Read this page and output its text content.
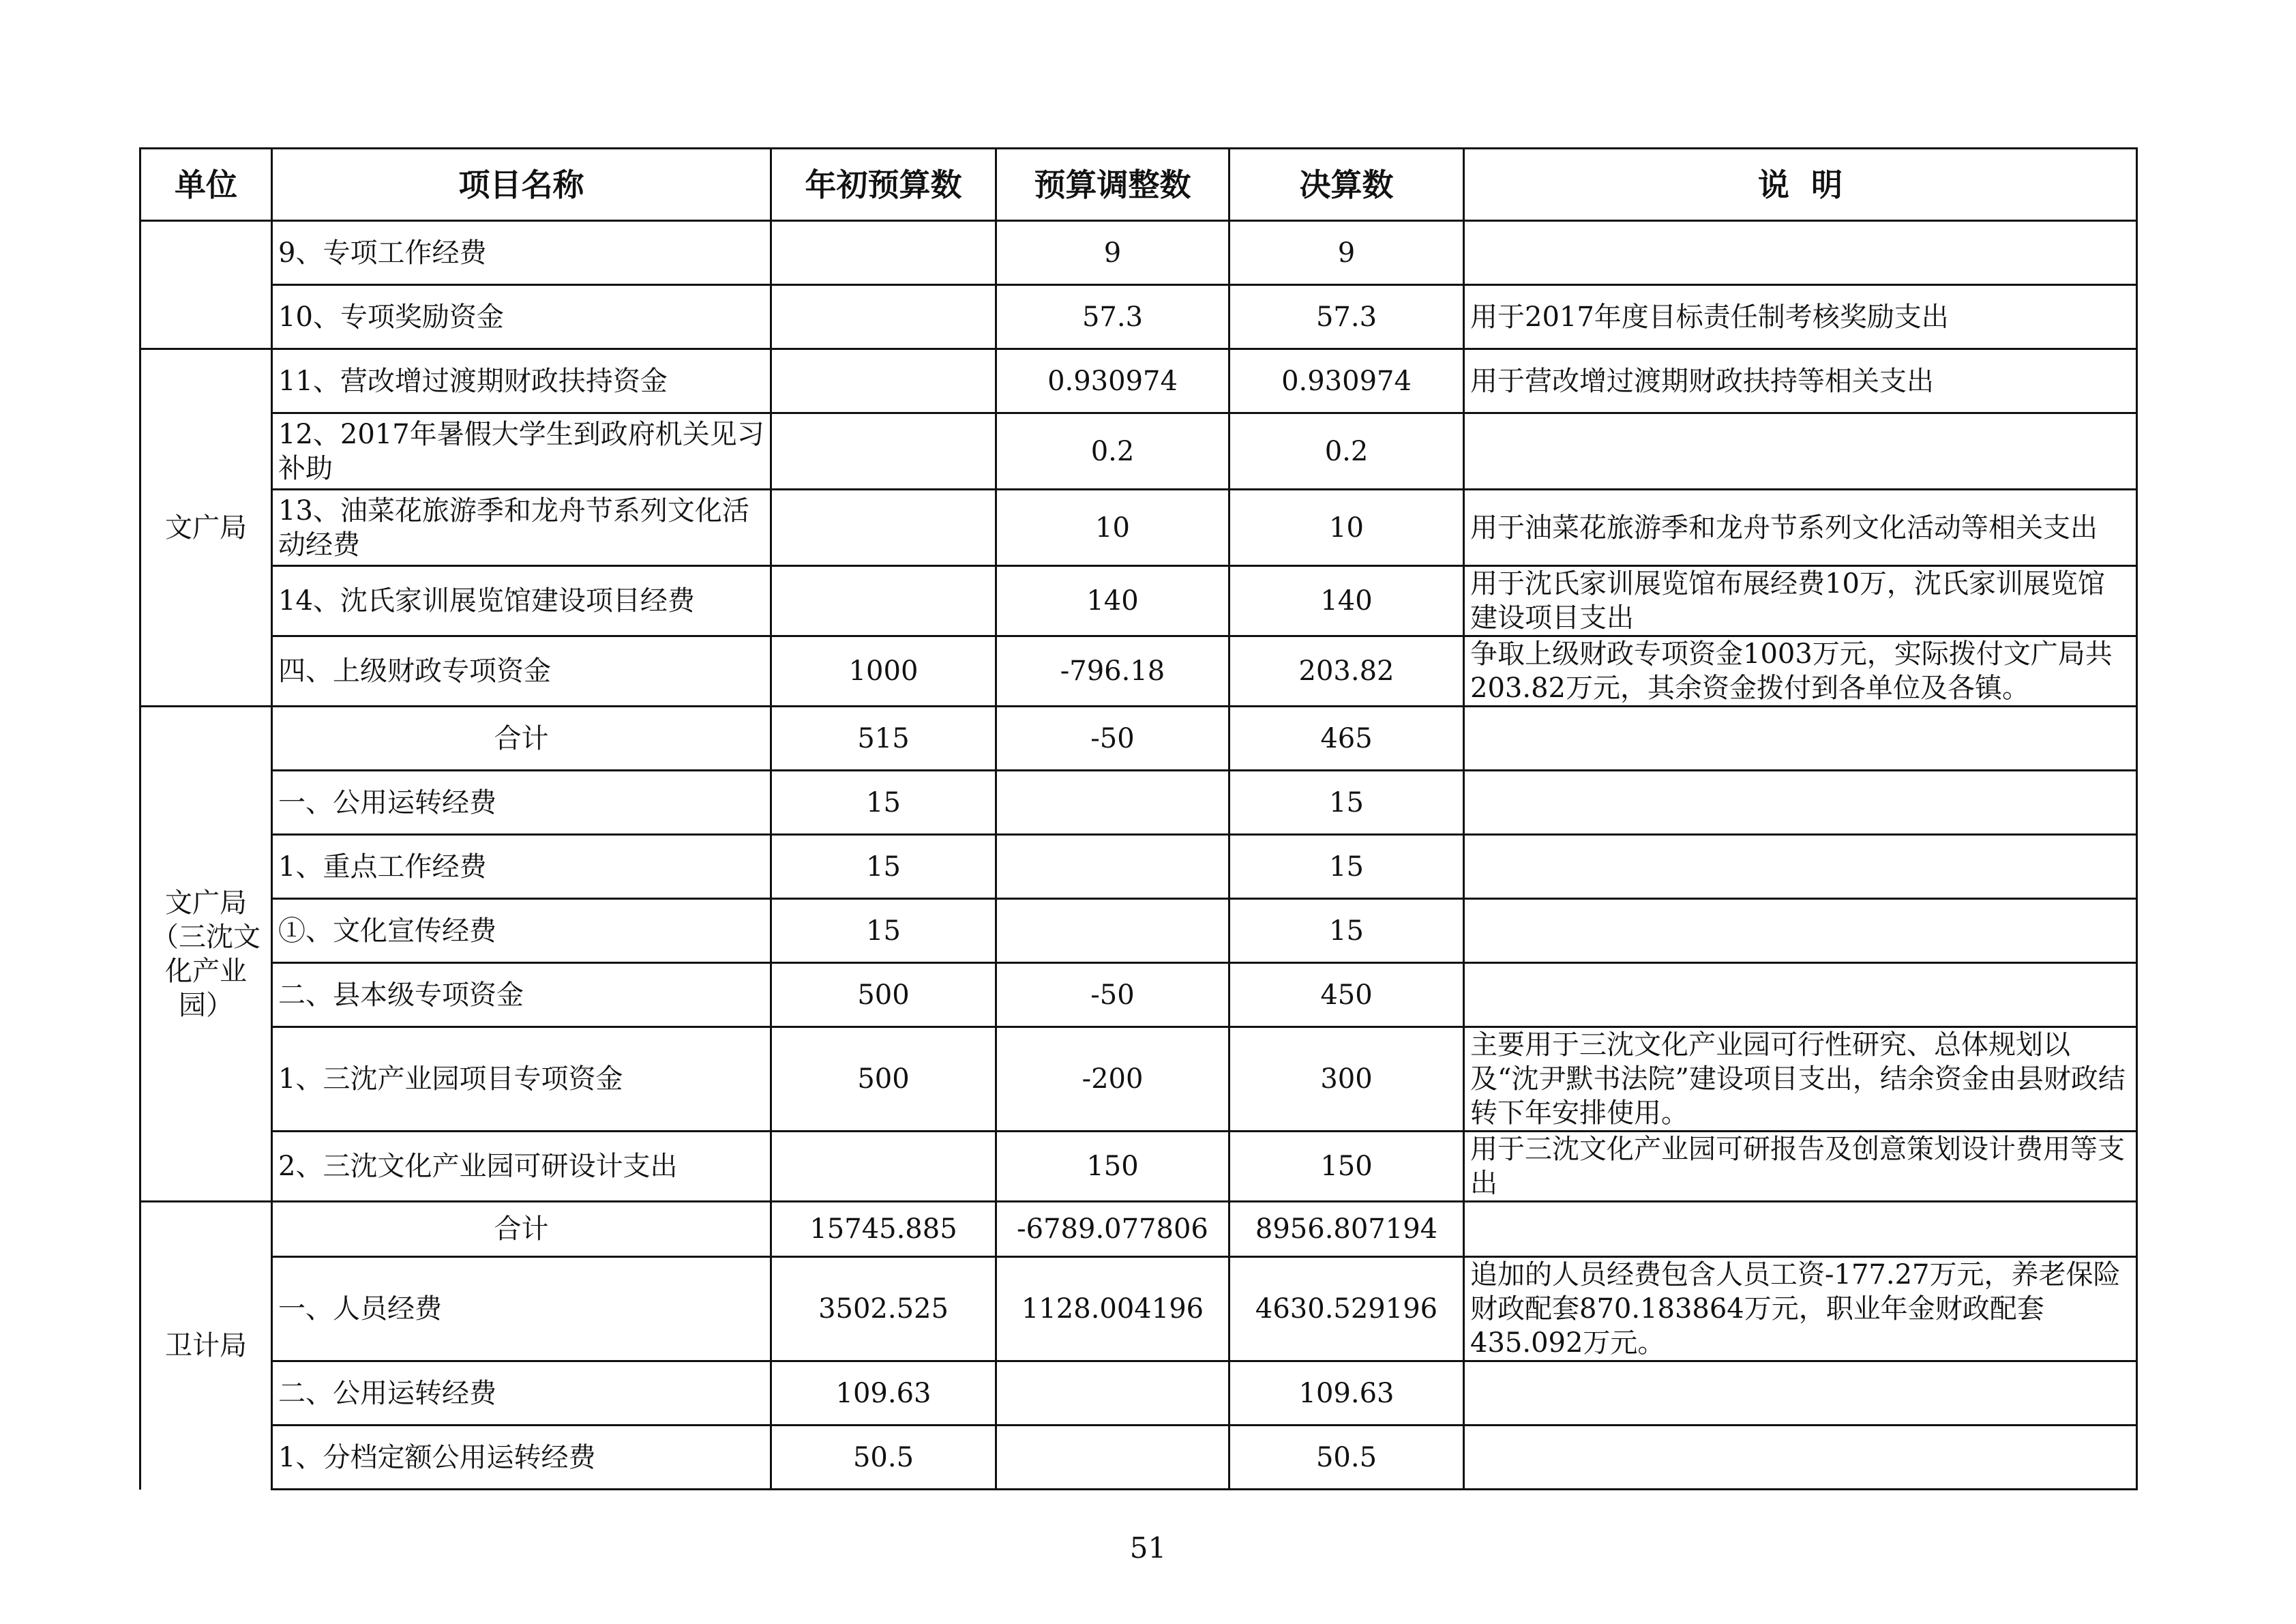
单位	项目名称	年初预算数	预算调整数	决算数	说  明
	9、专项工作经费		9	9	
	10、专项奖励资金		57.3	57.3	用于2017年度目标责任制考核奖励支出
文广局	11、营改增过渡期财政扶持资金		0.930974	0.930974	用于营改增过渡期财政扶持等相关支出
	12、2017年暑假大学生到政府机关见习补助		0.2	0.2	
	13、油菜花旅游季和龙舟节系列文化活动经费		10	10	用于油菜花旅游季和龙舟节系列文化活动等相关支出
	14、沈氏家训展览馆建设项目经费		140	140	用于沈氏家训展览馆布展经费10万，沈氏家训展览馆建设项目支出
	四、上级财政专项资金	1000	-796.18	203.82	争取上级财政专项资金1003万元，实际拨付文广局共203.82万元，其余资金拨付到各单位及各镇。
文广局（三沈文化产业园）	合计	515	-50	465	
	一、公用运转经费	15		15	
	1、重点工作经费	15		15	
	①、文化宣传经费	15		15	
	二、县本级专项资金	500	-50	450	
	1、三沈产业园项目专项资金	500	-200	300	主要用于三沈文化产业园可行性研究、总体规划以及“沈尹默书法院”建设项目支出，结余资金由县财政结转下年安排使用。
	2、三沈文化产业园可研设计支出		150	150	用于三沈文化产业园可研报告及创意策划设计费用等支出
卫计局	合计	15745.885	-6789.077806	8956.807194	
	一、人员经费	3502.525	1128.004196	4630.529196	追加的人员经费包含人员工资-177.27万元，养老保险财政配套870.183864万元，职业年金财政配套435.092万元。
	二、公用运转经费	109.63		109.63	
	1、分档定额公用运转经费	50.5		50.5	
51
